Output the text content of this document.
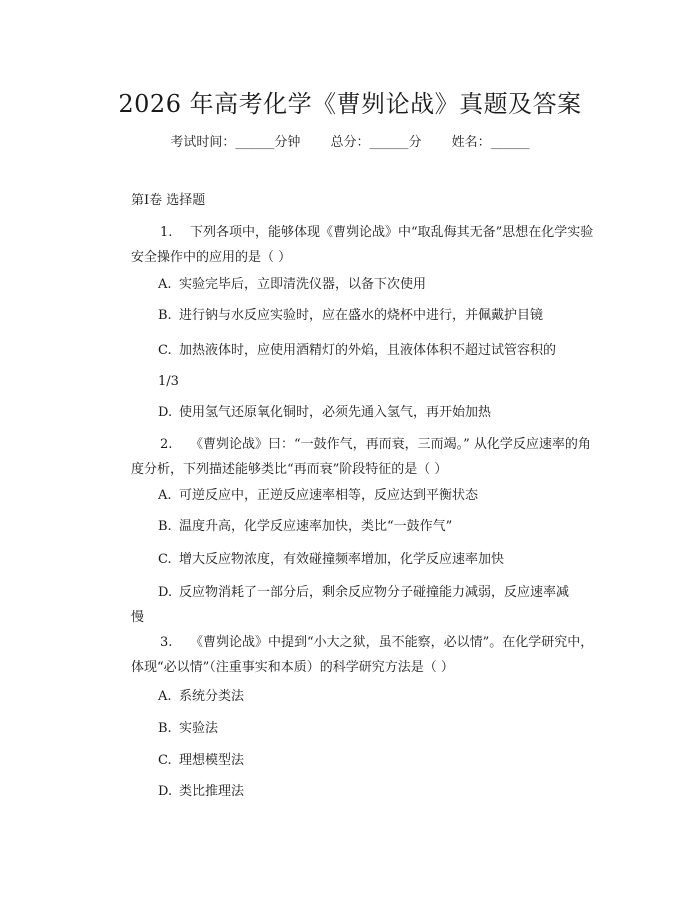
2026 年高考化学《曹刿论战》真题及答案
考试时间：______分钟 总分：______分 姓名：______
第Ⅰ卷 选择题
1. 下列各项中，能够体现《曹刿论战》中“取乱侮其无备”思想在化学实验安全操作中的应用的是（ ）
A. 实验完毕后，立即清洗仪器，以备下次使用
B. 进行钠与水反应实验时，应在盛水的烧杯中进行，并佩戴护目镜
C. 加热液体时，应使用酒精灯的外焰，且液体体积不超过试管容积的
1/3
D. 使用氢气还原氧化铜时，必须先通入氢气，再开始加热
2. 《曹刿论战》曰：“一鼓作气，再而衰，三而竭。” 从化学反应速率的角度分析，下列描述能够类比“再而衰”阶段特征的是（ ）
A. 可逆反应中，正逆反应速率相等，反应达到平衡状态
B. 温度升高，化学反应速率加快，类比“一鼓作气”
C. 增大反应物浓度，有效碰撞频率增加，化学反应速率加快
D. 反应物消耗了一部分后，剩余反应物分子碰撞能力减弱，反应速率减慢
3. 《曹刿论战》中提到“小大之狱，虽不能察，必以情”。在化学研究中，体现“必以情”（注重事实和本质）的科学研究方法是（ ）
A. 系统分类法
B. 实验法
C. 理想模型法
D. 类比推理法
